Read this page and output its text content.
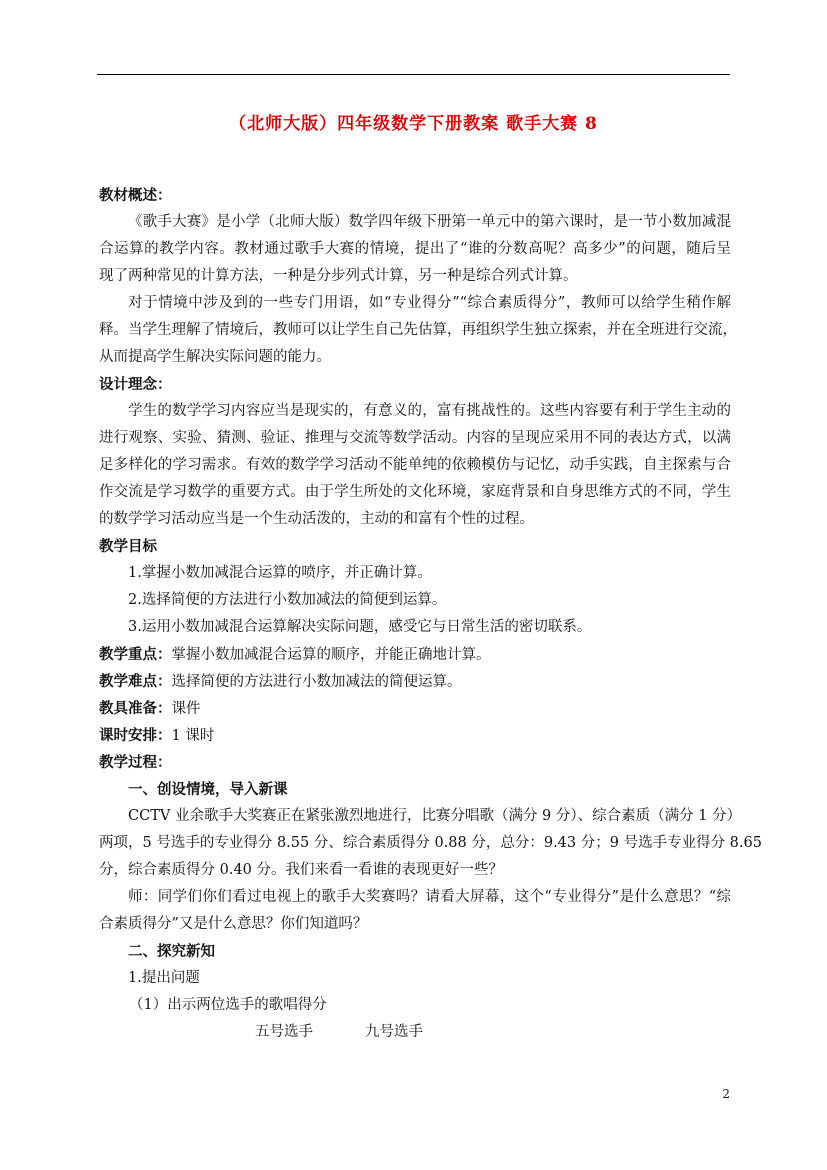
（北师大版）四年级数学下册教案 歌手大赛 8
教材概述：
《歌手大赛》是小学（北师大版）数学四年级下册第一单元中的第六课时，是一节小数加减混
合运算的教学内容。教材通过歌手大赛的情境，提出了“谁的分数高呢？高多少”的问题，随后呈
现了两种常见的计算方法，一种是分步列式计算，另一种是综合列式计算。
对于情境中涉及到的一些专门用语，如“专业得分”“综合素质得分”，教师可以给学生稍作解
释。当学生理解了情境后，教师可以让学生自己先估算，再组织学生独立探索，并在全班进行交流，
从而提高学生解决实际问题的能力。
设计理念：
学生的数学学习内容应当是现实的，有意义的，富有挑战性的。这些内容要有利于学生主动的
进行观察、实验、猜测、验证、推理与交流等数学活动。内容的呈现应采用不同的表达方式，以满
足多样化的学习需求。有效的数学学习活动不能单纯的依赖模仿与记忆，动手实践，自主探索与合
作交流是学习数学的重要方式。由于学生所处的文化环境，家庭背景和自身思维方式的不同，学生
的数学学习活动应当是一个生动活泼的，主动的和富有个性的过程。
教学目标
1.掌握小数加减混合运算的喷序，并正确计算。
2.选择简便的方法进行小数加减法的简便到运算。
3.运用小数加减混合运算解决实际问题，感受它与日常生活的密切联系。
教学重点：掌握小数加减混合运算的顺序，并能正确地计算。
教学难点：选择简便的方法进行小数加减法的简便运算。
教具准备：课件
课时安排：1 课时
教学过程：
一、创设情境，导入新课
CCTV 业余歌手大奖赛正在紧张激烈地进行，比赛分唱歌（满分 9 分）、综合素质（满分 1 分）
两项，5 号选手的专业得分 8.55 分、综合素质得分 0.88 分，总分：9.43 分；9 号选手专业得分 8.65
分，综合素质得分 0.40 分。我们来看一看谁的表现更好一些？
师：同学们你们看过电视上的歌手大奖赛吗？请看大屏幕，这个“专业得分”是什么意思？“综
合素质得分”又是什么意思？你们知道吗？
二、探究新知
1.提出问题
（1）出示两位选手的歌唱得分
五号选手	九号选手
2
